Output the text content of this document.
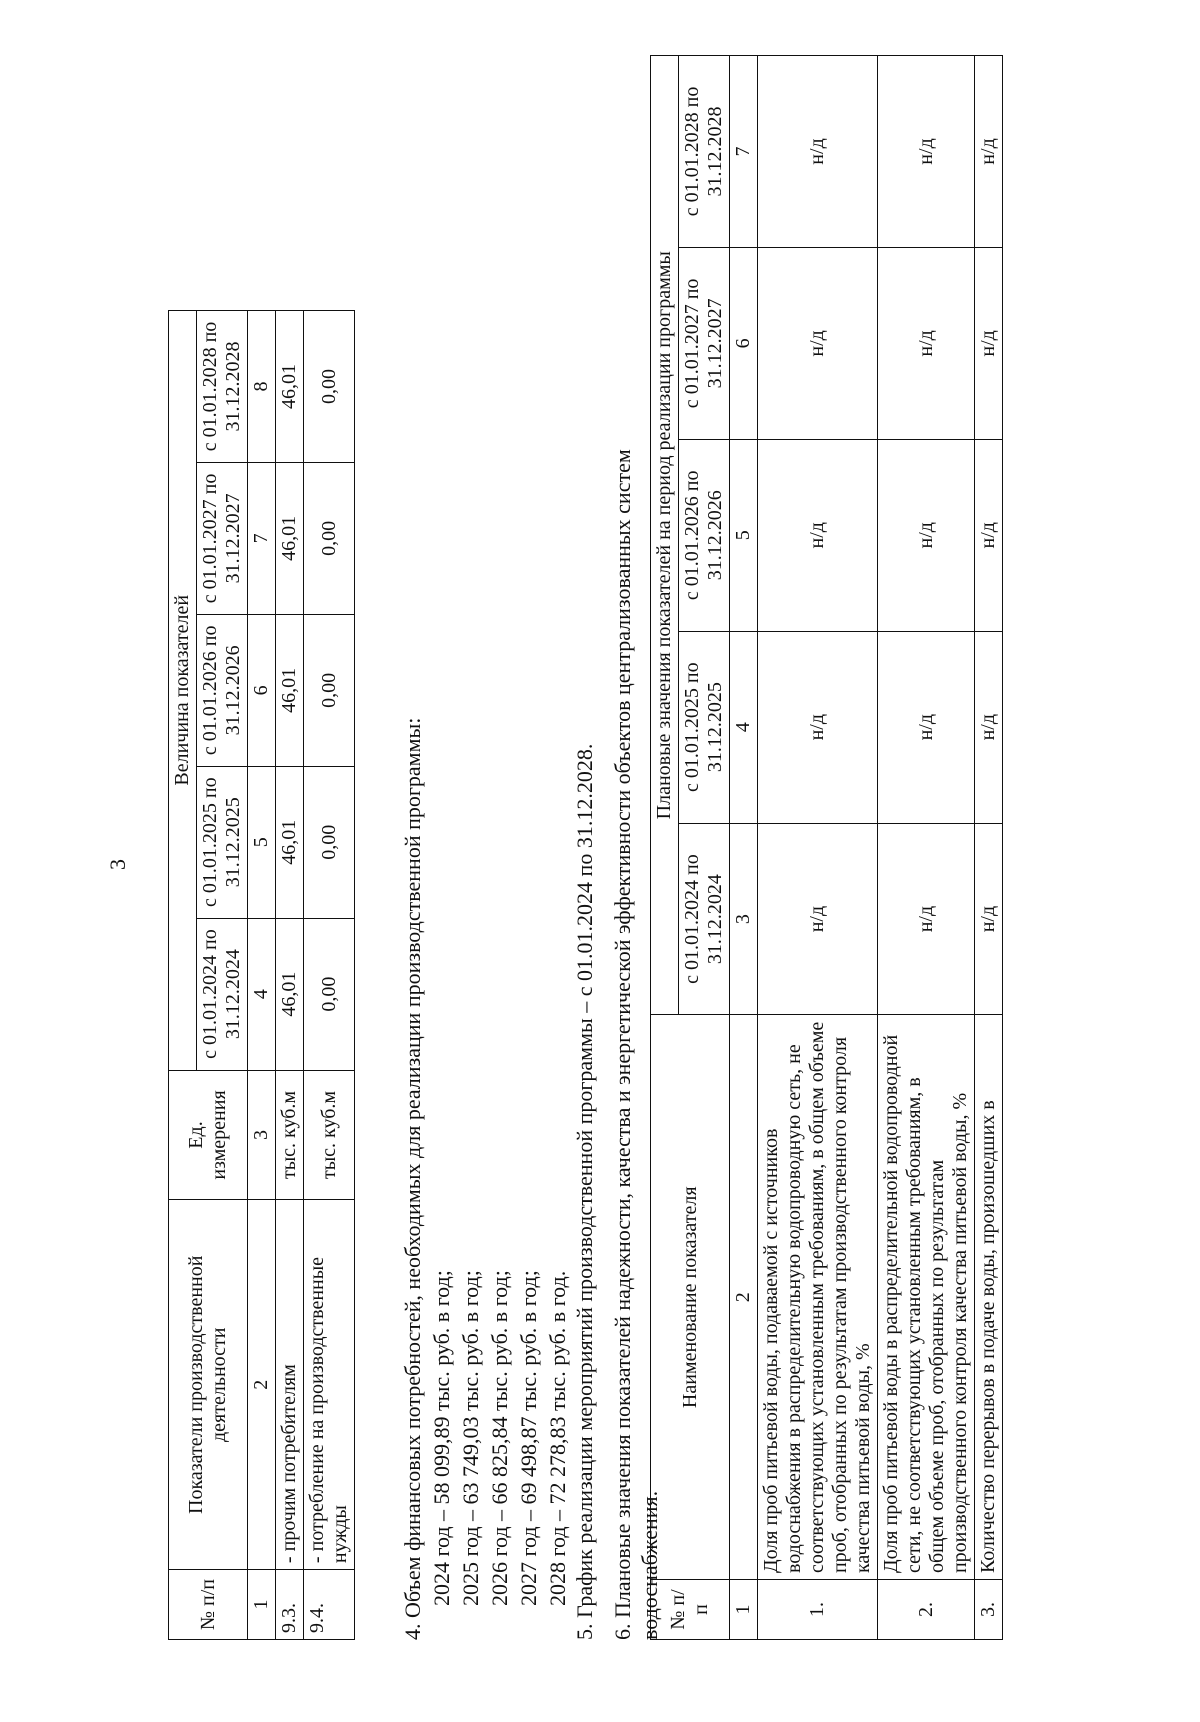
3
№ п/п	Показатели производственной деятельности	Ед. измерения	Величина показателей				
			с 01.01.2024 по 31.12.2024	с 01.01.2025 по 31.12.2025	с 01.01.2026 по 31.12.2026	с 01.01.2027 по 31.12.2027	с 01.01.2028 по 31.12.2028
1	2	3	4	5	6	7	8
9.3.	- прочим потребителям	тыс. куб.м	46,01	46,01	46,01	46,01	46,01
9.4.	- потребление на производственные нужды	тыс. куб.м	0,00	0,00	0,00	0,00	0,00
4. Объем финансовых потребностей, необходимых для реализации производственной программы: 2024 год – 58 099,89 тыс. руб. в год; 2025 год – 63 749,03 тыс. руб. в год; 2026 год – 66 825,84 тыс. руб. в год; 2027 год – 69 498,87 тыс. руб. в год; 2028 год – 72 278,83 тыс. руб. в год. 5. График реализации мероприятий производственной программы – с 01.01.2024 по 31.12.2028. 6. Плановые значения показателей надежности, качества и энергетической эффективности объектов централизованных систем водоснабжения. № п/п	Наименование показателя	Плановые значения показателей на период реализации программы				
		с 01.01.2024 по 31.12.2024	с 01.01.2025 по 31.12.2025	с 01.01.2026 по 31.12.2026	с 01.01.2027 по 31.12.2027	с 01.01.2028 по 31.12.2028
1	2	3	4	5	6	7
1.	Доля проб питьевой воды, подаваемой с источников водоснабжения в распределительную водопроводную сеть, не соответствующих установленным требованиям, в общем объеме проб, отобранных по результатам производственного контроля качества питьевой воды, %	н/д	н/д	н/д	н/д	н/д
2.	Доля проб питьевой воды в распределительной водопроводной сети, не соответствующих установленным требованиям, в общем объеме проб, отобранных по результатам производственного контроля качества питьевой воды, %	н/д	н/д	н/д	н/д	н/д
3.	Количество перерывов в подаче воды, произошедших в	н/д	н/д	н/д	н/д	н/д
